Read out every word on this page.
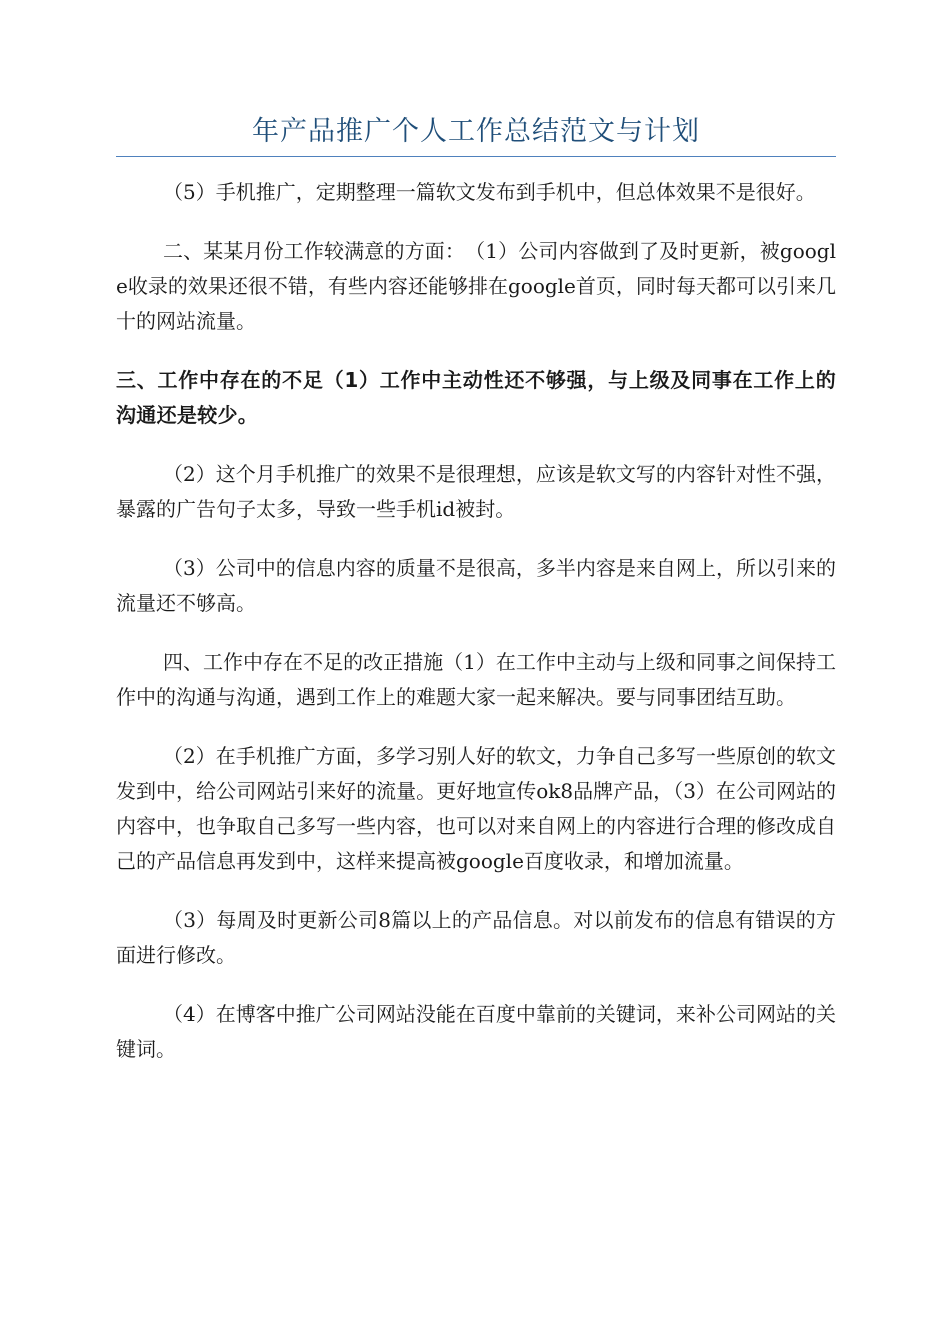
年产品推广个人工作总结范文与计划

（5）手机推广，定期整理一篇软文发布到手机中，但总体效果不是很好。

二、某某月份工作较满意的方面：　（1）公司内容做到了及时更新，被google收录的效果还很不错，有些内容还能够排在google首页，同时每天都可以引来几十的网站流量。

三、工作中存在的不足（1）工作中主动性还不够强，与上级及同事在工作上的沟通还是较少。

（2）这个月手机推广的效果不是很理想，应该是软文写的内容针对性不强，暴露的广告句子太多，导致一些手机id被封。

（3）公司中的信息内容的质量不是很高，多半内容是来自网上，所以引来的流量还不够高。

四、工作中存在不足的改正措施（1）在工作中主动与上级和同事之间保持工作中的沟通与沟通，遇到工作上的难题大家一起来解决。要与同事团结互助。

（2）在手机推广方面，多学习别人好的软文，力争自己多写一些原创的软文发到中，给公司网站引来好的流量。更好地宣传ok8品牌产品，（3）在公司网站的内容中，也争取自己多写一些内容，也可以对来自网上的内容进行合理的修改成自己的产品信息再发到中，这样来提高被google百度收录，和增加流量。

（3）每周及时更新公司8篇以上的产品信息。对以前发布的信息有错误的方面进行修改。

（4）在博客中推广公司网站没能在百度中靠前的关键词，来补公司网站的关键词。
